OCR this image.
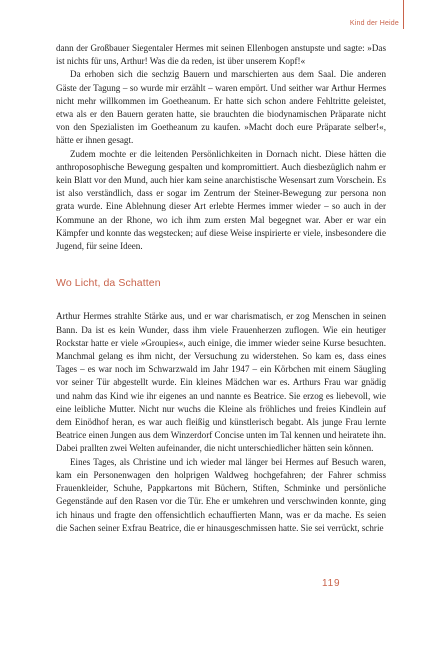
Kind der Heide

dann der Großbauer Siegentaler Hermes mit seinen Ellenbogen anstupste und sagte: »Das ist nichts für uns, Arthur! Was die da reden, ist über unserem Kopf!«

Da erhoben sich die sechzig Bauern und marschierten aus dem Saal. Die anderen Gäste der Tagung – so wurde mir erzählt – waren empört. Und seither war Arthur Hermes nicht mehr willkommen im Goetheanum. Er hatte sich schon andere Fehltritte geleistet, etwa als er den Bauern geraten hatte, sie brauchten die biodynamischen Präparate nicht von den Spezialisten im Goetheanum zu kaufen. »Macht doch eure Präparate selber!«, hätte er ihnen gesagt.

Zudem mochte er die leitenden Persönlichkeiten in Dornach nicht. Diese hätten die anthroposophische Bewegung gespalten und kompromittiert. Auch diesbezüglich nahm er kein Blatt vor den Mund, auch hier kam seine anarchistische Wesensart zum Vorschein. Es ist also verständlich, dass er sogar im Zentrum der Steiner-Bewegung zur persona non grata wurde. Eine Ablehnung dieser Art erlebte Hermes immer wieder – so auch in der Kommune an der Rhone, wo ich ihm zum ersten Mal begegnet war. Aber er war ein Kämpfer und konnte das wegstecken; auf diese Weise inspirierte er viele, insbesondere die Jugend, für seine Ideen.

Wo Licht, da Schatten

Arthur Hermes strahlte Stärke aus, und er war charismatisch, er zog Menschen in seinen Bann. Da ist es kein Wunder, dass ihm viele Frauenherzen zuflogen. Wie ein heutiger Rockstar hatte er viele »Groupies«, auch einige, die immer wieder seine Kurse besuchten. Manchmal gelang es ihm nicht, der Versuchung zu widerstehen. So kam es, dass eines Tages – es war noch im Schwarzwald im Jahr 1947 – ein Körbchen mit einem Säugling vor seiner Tür abgestellt wurde. Ein kleines Mädchen war es. Arthurs Frau war gnädig und nahm das Kind wie ihr eigenes an und nannte es Beatrice. Sie erzog es liebevoll, wie eine leibliche Mutter. Nicht nur wuchs die Kleine als fröhliches und freies Kindlein auf dem Einödhof heran, es war auch fleißig und künstlerisch begabt. Als junge Frau lernte Beatrice einen Jungen aus dem Winzerdorf Concise unten im Tal kennen und heiratete ihn. Dabei prallten zwei Welten aufeinander, die nicht unterschiedlicher hätten sein können.

Eines Tages, als Christine und ich wieder mal länger bei Hermes auf Besuch waren, kam ein Personenwagen den holprigen Waldweg hochgefahren; der Fahrer schmiss Frauenkleider, Schuhe, Pappkartons mit Büchern, Stiften, Schminke und persönliche Gegenstände auf den Rasen vor die Tür. Ehe er umkehren und verschwinden konnte, ging ich hinaus und fragte den offensichtlich echauffierten Mann, was er da mache. Es seien die Sachen seiner Exfrau Beatrice, die er hinausgeschmissen hatte. Sie sei verrückt, schrie

119
